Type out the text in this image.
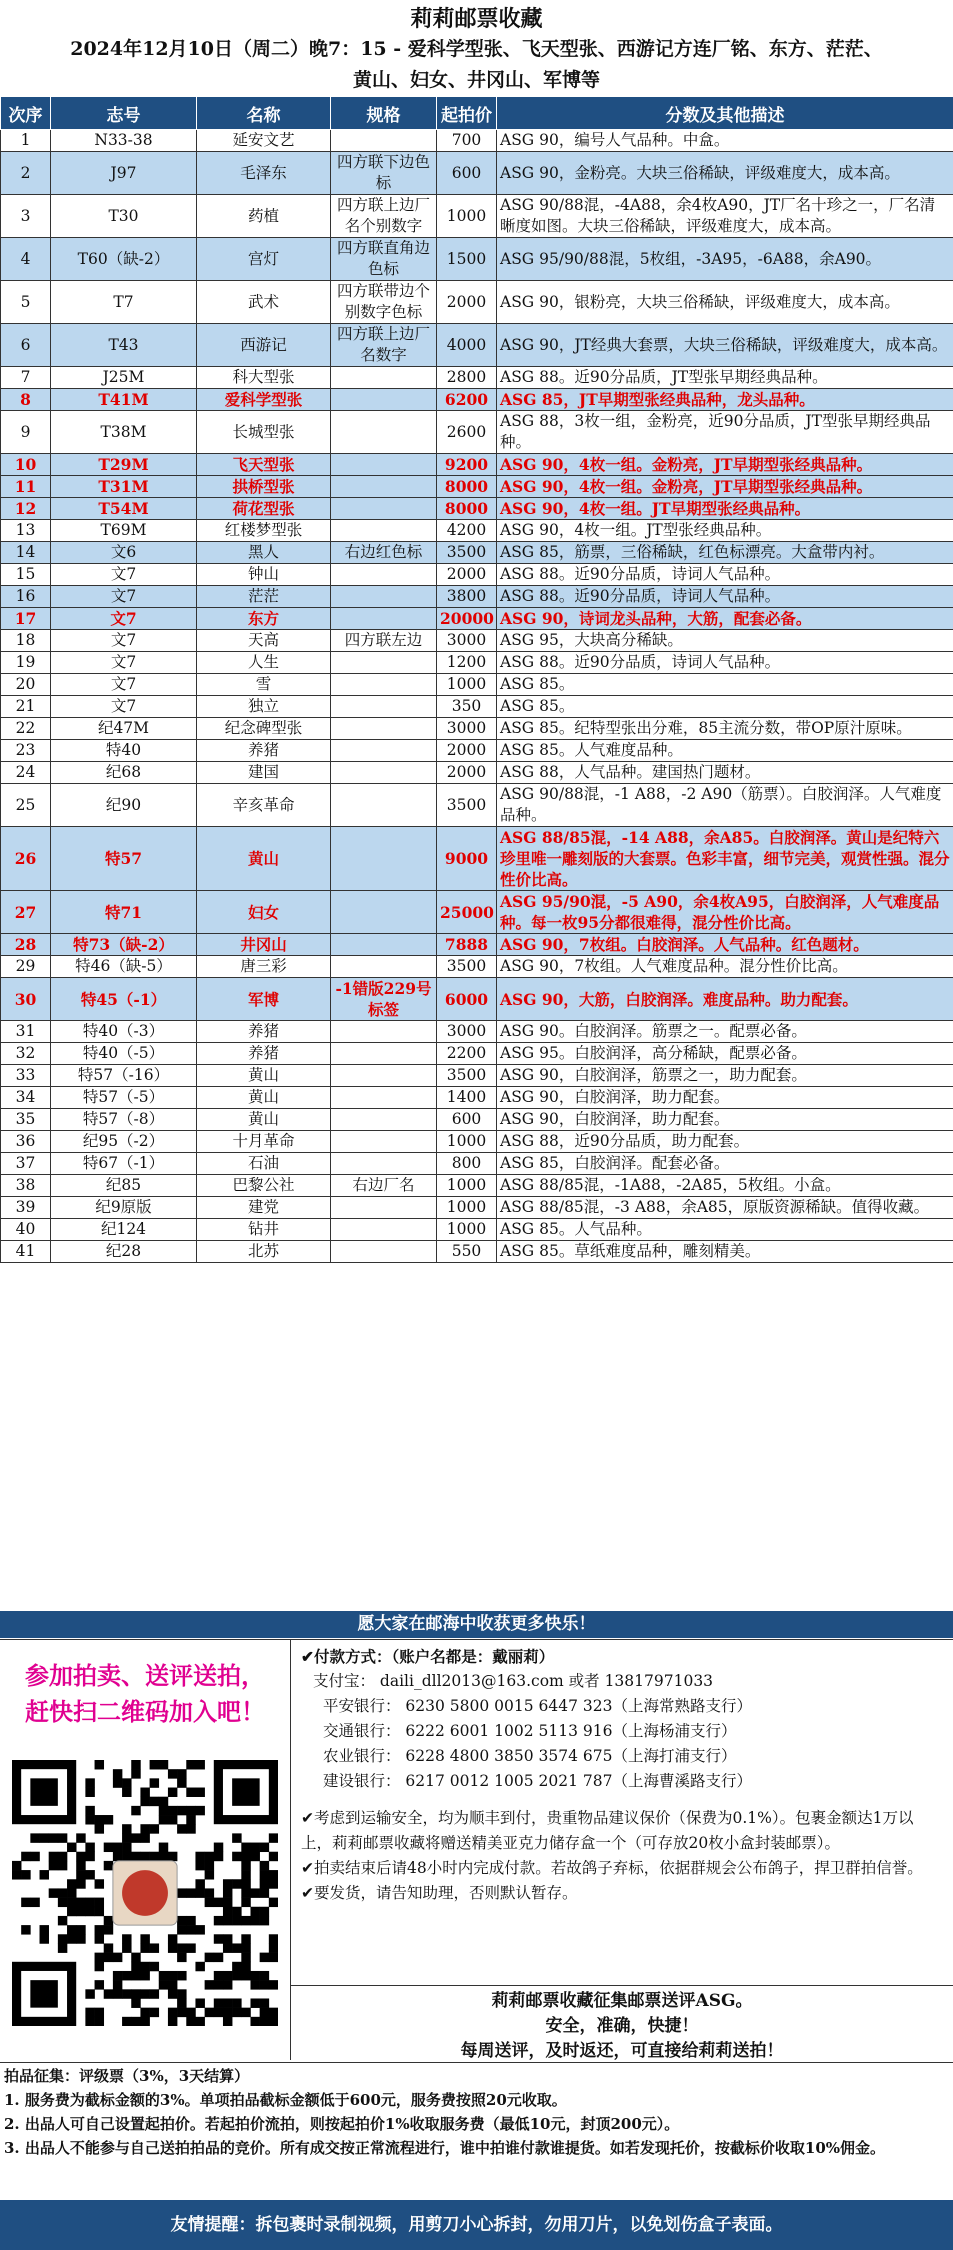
莉莉邮票收藏
2024年12月10日（周二）晚7：15 - 爱科学型张、飞天型张、西游记方连厂铭、东方、茫茫、
黄山、妇女、井冈山、军博等
次序	志号	名称	规格	起拍价	分数及其他描述
1	N33-38	延安文艺		700	ASG 90，编号人气品种。中盒。
2	J97	毛泽东	四方联下边色标	600	ASG 90，金粉亮。大块三俗稀缺，评级难度大，成本高。
3	T30	药植	四方联上边厂名个别数字	1000	ASG 90/88混，-4A88，余4枚A90，JT厂名十珍之一，厂名清晰度如图。大块三俗稀缺，评级难度大，成本高。
4	T60（缺-2）	宫灯	四方联直角边色标	1500	ASG 95/90/88混，5枚组，-3A95，-6A88，余A90。
5	T7	武术	四方联带边个别数字色标	2000	ASG 90，银粉亮，大块三俗稀缺，评级难度大，成本高。
6	T43	西游记	四方联上边厂名数字	4000	ASG 90，JT经典大套票，大块三俗稀缺，评级难度大，成本高。
7	J25M	科大型张		2800	ASG 88。近90分品质，JT型张早期经典品种。
8	T41M	爱科学型张		6200	ASG 85，JT早期型张经典品种，龙头品种。
9	T38M	长城型张		2600	ASG 88，3枚一组，金粉亮，近90分品质，JT型张早期经典品种。
10	T29M	飞天型张		9200	ASG 90，4枚一组。金粉亮，JT早期型张经典品种。
11	T31M	拱桥型张		8000	ASG 90，4枚一组。金粉亮，JT早期型张经典品种。
12	T54M	荷花型张		8000	ASG 90，4枚一组。JT早期型张经典品种。
13	T69M	红楼梦型张		4200	ASG 90，4枚一组。JT型张经典品种。
14	文6	黑人	右边红色标	3500	ASG 85，筋票，三俗稀缺，红色标漂亮。大盒带内衬。
15	文7	钟山		2000	ASG 88。近90分品质，诗词人气品种。
16	文7	茫茫		3800	ASG 88。近90分品质，诗词人气品种。
17	文7	东方		20000	ASG 90，诗词龙头品种，大筋，配套必备。
18	文7	天高	四方联左边	3000	ASG 95，大块高分稀缺。
19	文7	人生		1200	ASG 88。近90分品质，诗词人气品种。
20	文7	雪		1000	ASG 85。
21	文7	独立		350	ASG 85。
22	纪47M	纪念碑型张		3000	ASG 85。纪特型张出分难，85主流分数，带OP原汁原味。
23	特40	养猪		2000	ASG 85。人气难度品种。
24	纪68	建国		2000	ASG 88，人气品种。建国热门题材。
25	纪90	辛亥革命		3500	ASG 90/88混，-1 A88，-2 A90（筋票）。白胶润泽。人气难度品种。
26	特57	黄山		9000	ASG 88/85混，-14 A88，余A85。白胶润泽。黄山是纪特六珍里唯一雕刻版的大套票。色彩丰富，细节完美，观赏性强。混分性价比高。
27	特71	妇女		25000	ASG 95/90混，-5 A90，余4枚A95，白胶润泽，人气难度品种。每一枚95分都很难得，混分性价比高。
28	特73（缺-2）	井冈山		7888	ASG 90，7枚组。白胶润泽。人气品种。红色题材。
29	特46（缺-5）	唐三彩		3500	ASG 90，7枚组。人气难度品种。混分性价比高。
30	特45（-1）	军博	-1错版229号标签	6000	ASG 90，大筋，白胶润泽。难度品种。助力配套。
31	特40（-3）	养猪		3000	ASG 90。白胶润泽。筋票之一。配票必备。
32	特40（-5）	养猪		2200	ASG 95。白胶润泽，高分稀缺，配票必备。
33	特57（-16）	黄山		3500	ASG 90，白胶润泽，筋票之一，助力配套。
34	特57（-5）	黄山		1400	ASG 90，白胶润泽，助力配套。
35	特57（-8）	黄山		600	ASG 90，白胶润泽，助力配套。
36	纪95（-2）	十月革命		1000	ASG 88，近90分品质，助力配套。
37	特67（-1）	石油		800	ASG 85，白胶润泽。配套必备。
38	纪85	巴黎公社	右边厂名	1000	ASG 88/85混，-1A88，-2A85，5枚组。小盒。
39	纪9原版	建党		1000	ASG 88/85混，-3 A88，余A85，原版资源稀缺。值得收藏。
40	纪124	钻井		1000	ASG 85。人气品种。
41	纪28	北苏		550	ASG 85。草纸难度品种，雕刻精美。
愿大家在邮海中收获更多快乐！
参加拍卖、送评送拍，
赶快扫二维码加入吧！
✔付款方式：（账户名都是：戴丽莉）
支付宝： daili_dll2013@163.com 或者 13817971033
平安银行： 6230 5800 0015 6447 323（上海常熟路支行）
交通银行： 6222 6001 1002 5113 916（上海杨浦支行）
农业银行： 6228 4800 3850 3574 675（上海打浦支行）
建设银行： 6217 0012 1005 2021 787（上海曹溪路支行）
✔考虑到运输安全，均为顺丰到付，贵重物品建议保价（保费为0.1%）。包裹金额达1万以上，莉莉邮票收藏将赠送精美亚克力储存盒一个（可存放20枚小盒封装邮票）。
✔拍卖结束后请48小时内完成付款。若故鸽子弃标，依据群规会公布鸽子，捍卫群拍信誉。
✔要发货，请告知助理，否则默认暂存。
莉莉邮票收藏征集邮票送评ASG。
安全，准确，快捷！
每周送评，及时返还，可直接给莉莉送拍！
拍品征集：评级票（3%，3天结算）
1. 服务费为截标金额的3%。单项拍品截标金额低于600元，服务费按照20元收取。
2. 出品人可自己设置起拍价。若起拍价流拍，则按起拍价1%收取服务费（最低10元，封顶200元）。
3. 出品人不能参与自己送拍拍品的竞价。所有成交按正常流程进行，谁中拍谁付款谁提货。如若发现托价，按截标价收取10%佣金。
友情提醒：拆包裹时录制视频，用剪刀小心拆封，勿用刀片，以免划伤盒子表面。
